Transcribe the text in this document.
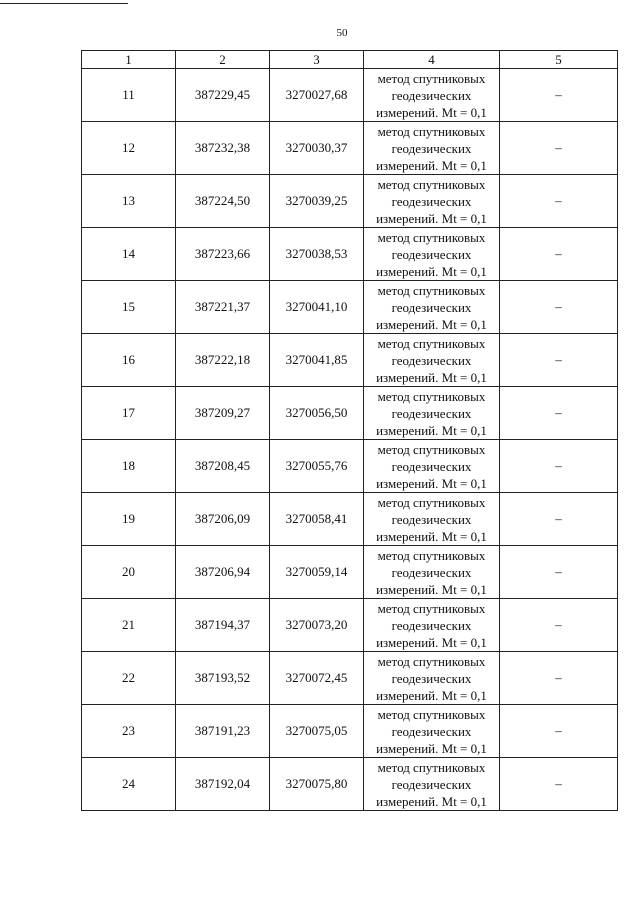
50
1	2	3	4	5
11	387229,45	3270027,68	метод спутниковых
геодезических
измерений. Mt = 0,1	–
12	387232,38	3270030,37	метод спутниковых
геодезических
измерений. Mt = 0,1	–
13	387224,50	3270039,25	метод спутниковых
геодезических
измерений. Mt = 0,1	–
14	387223,66	3270038,53	метод спутниковых
геодезических
измерений. Mt = 0,1	–
15	387221,37	3270041,10	метод спутниковых
геодезических
измерений. Mt = 0,1	–
16	387222,18	3270041,85	метод спутниковых
геодезических
измерений. Mt = 0,1	–
17	387209,27	3270056,50	метод спутниковых
геодезических
измерений. Mt = 0,1	–
18	387208,45	3270055,76	метод спутниковых
геодезических
измерений. Mt = 0,1	–
19	387206,09	3270058,41	метод спутниковых
геодезических
измерений. Mt = 0,1	–
20	387206,94	3270059,14	метод спутниковых
геодезических
измерений. Mt = 0,1	–
21	387194,37	3270073,20	метод спутниковых
геодезических
измерений. Mt = 0,1	–
22	387193,52	3270072,45	метод спутниковых
геодезических
измерений. Mt = 0,1	–
23	387191,23	3270075,05	метод спутниковых
геодезических
измерений. Mt = 0,1	–
24	387192,04	3270075,80	метод спутниковых
геодезических
измерений. Mt = 0,1	–
